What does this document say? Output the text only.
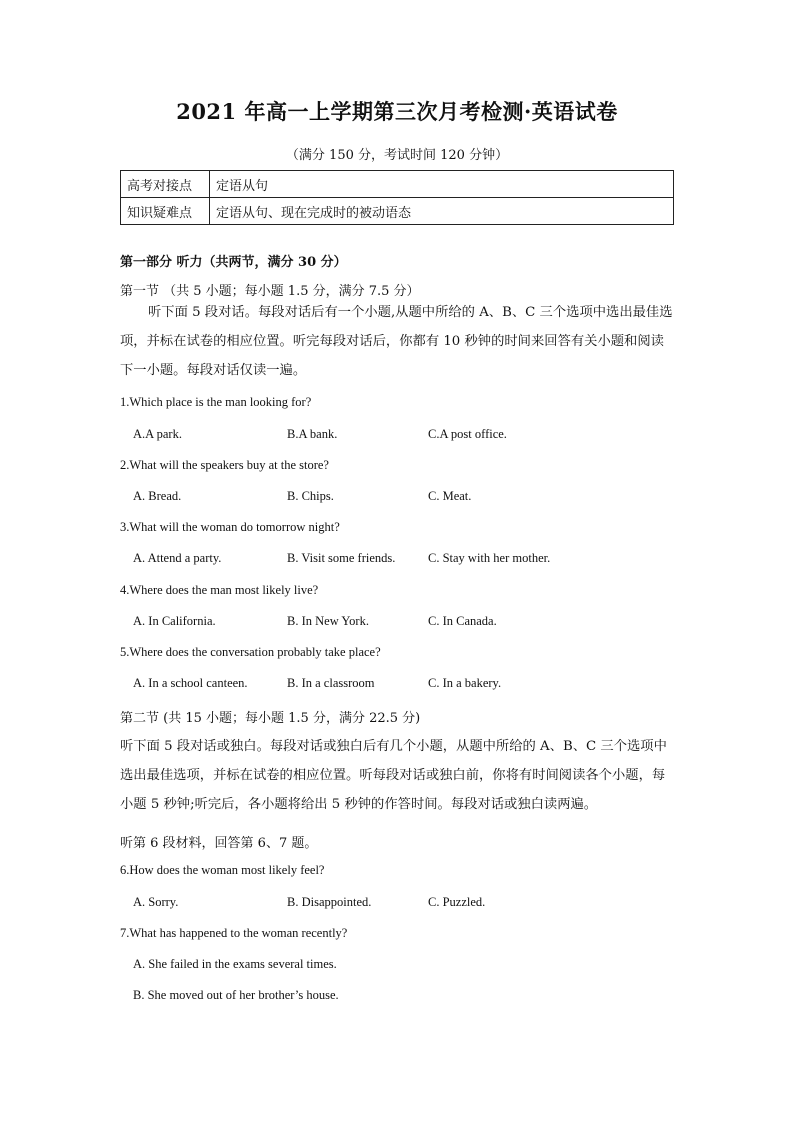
2021 年高一上学期第三次月考检测·英语试卷
（满分 150 分，考试时间 120 分钟）
高考对接点	定语从句
知识疑难点	定语从句、现在完成时的被动语态
第一部分 听力（共两节，满分 30 分）
第一节 （共 5 小题；每小题 1.5 分，满分 7.5 分）
听下面 5 段对话。每段对话后有一个小题,从题中所给的 A、B、C 三个选项中选出最佳选项，并标在试卷的相应位置。听完每段对话后，你都有 10 秒钟的时间来回答有关小题和阅读下一小题。每段对话仅读一遍。
1.Which place is the man looking for?
A.A park.	B.A bank.	C.A post office.
2.What will the speakers buy at the store?
A. Bread.	B. Chips.	C. Meat.
3.What will the woman do tomorrow night?
A. Attend a party.	B. Visit some friends.	C. Stay with her mother.
4.Where does the man most likely live?
A. In California.	B. In New York.	C. In Canada.
5.Where does the conversation probably take place?
A. In a school canteen.	B. In a classroom	C. In a bakery.
第二节 (共 15 小题；每小题 1.5 分，满分 22.5 分)
听下面 5 段对话或独白。每段对话或独白后有几个小题，从题中所给的 A、B、C 三个选项中选出最佳选项，并标在试卷的相应位置。听每段对话或独白前，你将有时间阅读各个小题，每小题 5 秒钟;听完后，各小题将给出 5 秒钟的作答时间。每段对话或独白读两遍。
听第 6 段材料，回答第 6、7 题。
6.How does the woman most likely feel?
A. Sorry.	B. Disappointed.	C. Puzzled.
7.What has happened to the woman recently?
A. She failed in the exams several times.
B. She moved out of her brother’s house.
